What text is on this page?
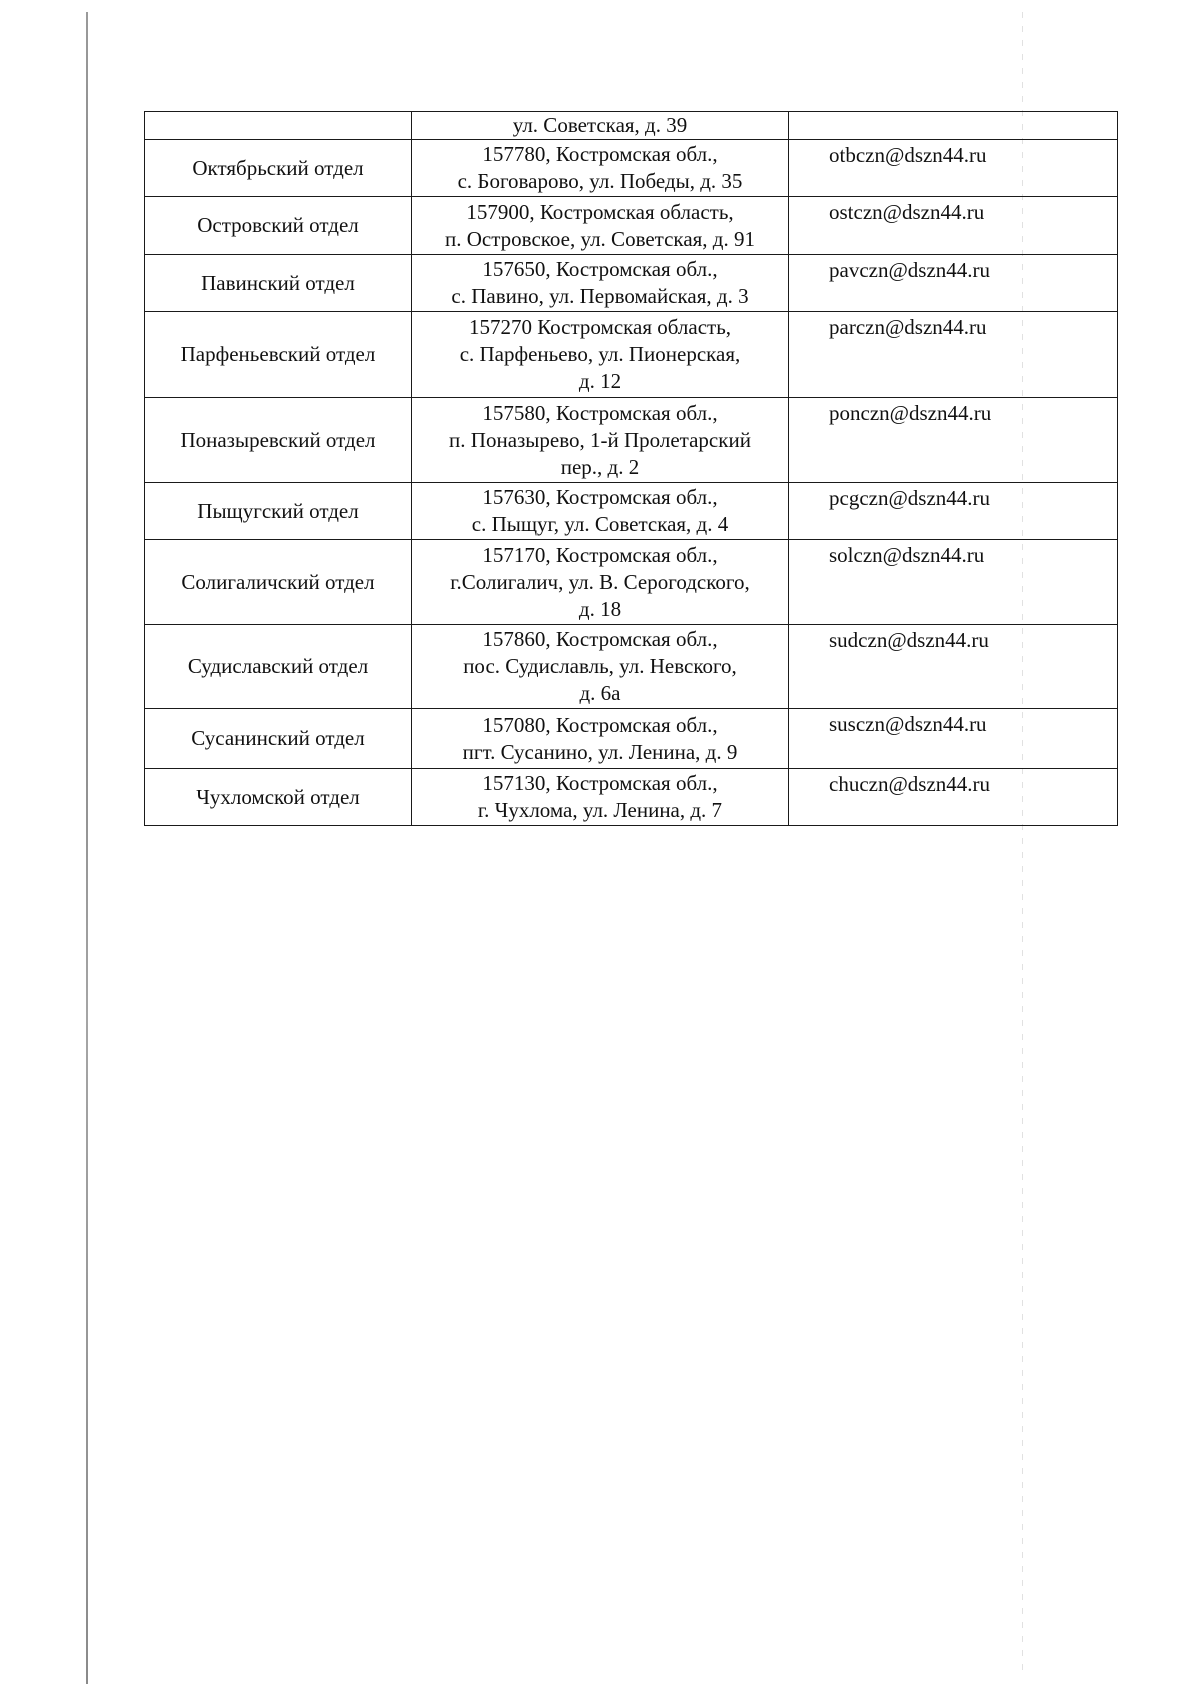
	ул. Советская, д. 39	

Октябрьский отдел	157780, Костромская обл.,
с. Боговарово, ул. Победы, д. 35	otbczn@dszn44.ru
Островский отдел	157900, Костромская область,
п. Островское, ул. Советская, д. 91	ostczn@dszn44.ru
Павинский отдел	157650, Костромская обл.,
с. Павино, ул. Первомайская, д. 3	pavczn@dszn44.ru
Парфеньевский отдел	157270 Костромская область,
с. Парфеньево, ул. Пионерская,
д. 12	parczn@dszn44.ru
Поназыревский отдел	157580, Костромская обл.,
п. Поназырево, 1-й Пролетарский
пер., д. 2	ponczn@dszn44.ru
Пыщугский отдел	157630, Костромская обл.,
с. Пыщуг, ул. Советская, д. 4	pcgczn@dszn44.ru
Солигаличский отдел	157170, Костромская обл.,
г.Солигалич, ул. В. Серогодского,
д. 18	solczn@dszn44.ru
Судиславский отдел	157860, Костромская обл.,
пос. Судиславль, ул. Невского,
д. 6а	sudczn@dszn44.ru
Сусанинский отдел	157080, Костромская обл.,
пгт. Сусанино, ул. Ленина, д. 9	susczn@dszn44.ru
Чухломской отдел	157130, Костромская обл.,
г. Чухлома, ул. Ленина, д. 7	chuczn@dszn44.ru
